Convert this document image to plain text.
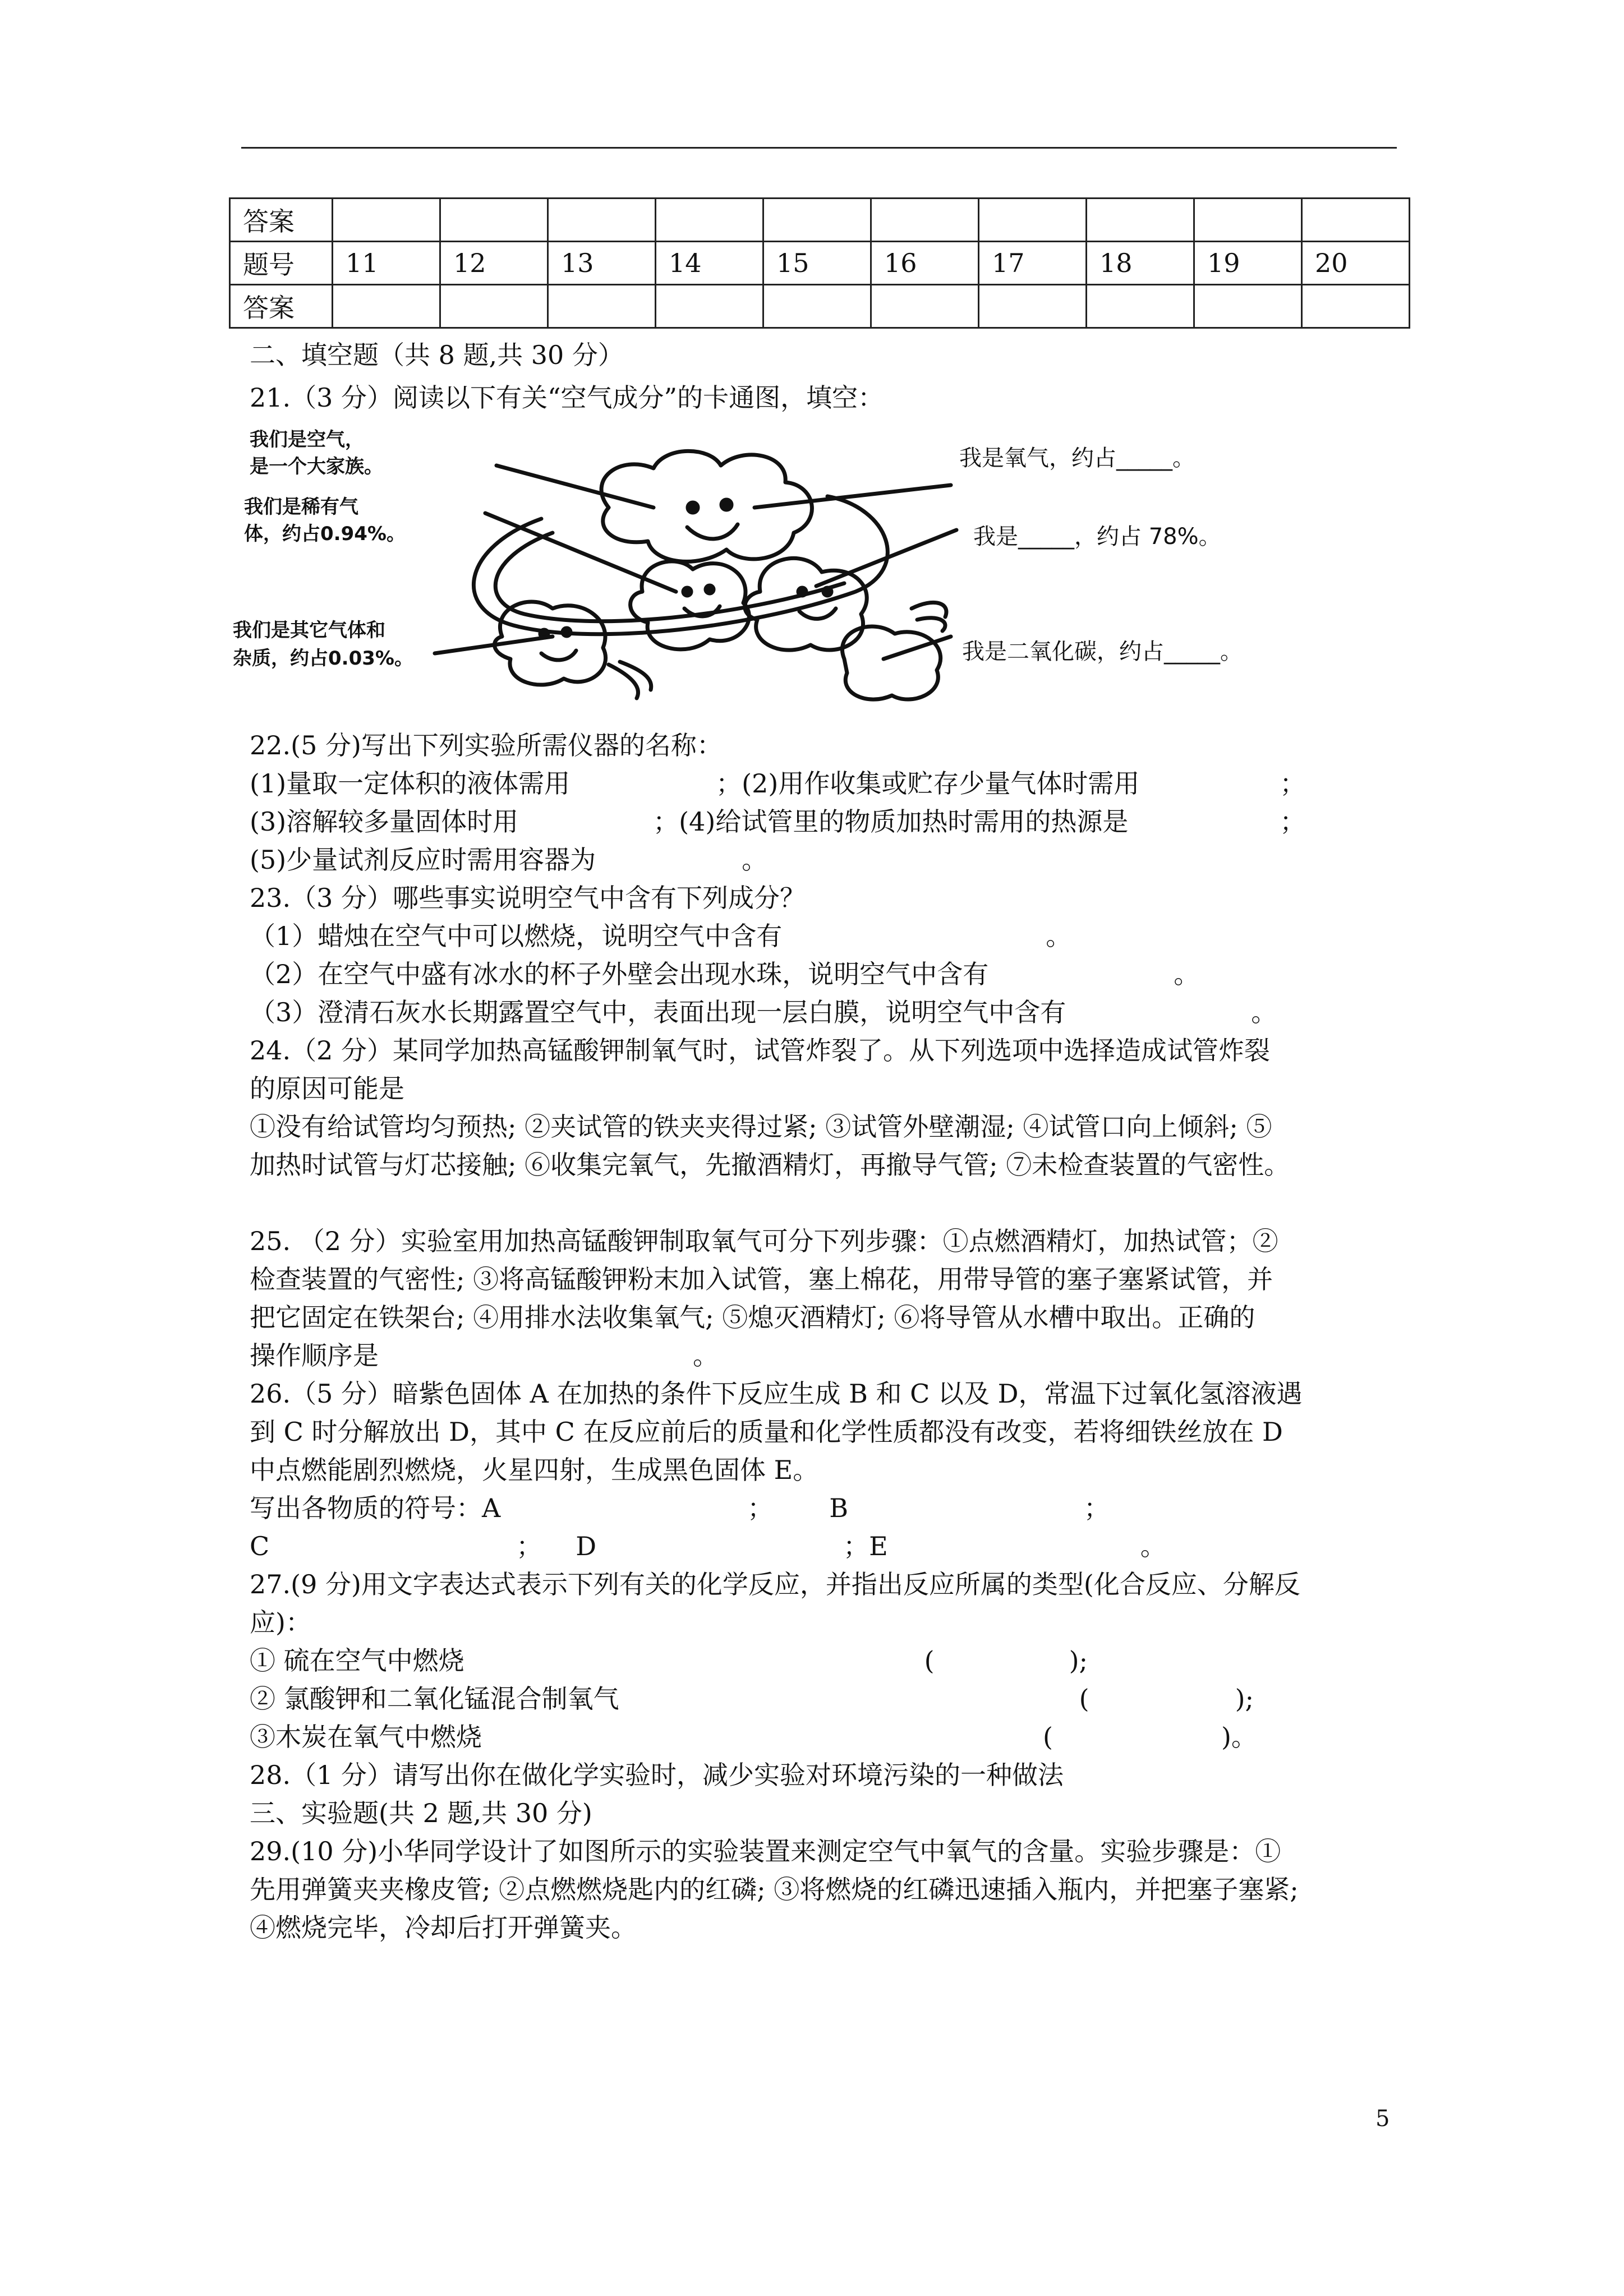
答案										
题号	11	12	13	14	15	16	17	18	19	20
答案										
二、填空题（共 8 题,共 30 分）
21.（3 分）阅读以下有关“空气成分”的卡通图，填空：
我们是空气，
是一个大家族。
我们是稀有气
体，约占0.94%。
我们是其它气体和
杂质，约占0.03%。
我是氧气，约占_____。
我是_____，约占 78%。
我是二氧化碳，约占_____。
22.(5 分)写出下列实验所需仪器的名称：
(1)量取一定体积的液体需用	；(2)用作收集或贮存少量气体时需用	；
(3)溶解较多量固体时用	；(4)给试管里的物质加热时需用的热源是	；
(5)少量试剂反应时需用容器为	。
23.（3 分）哪些事实说明空气中含有下列成分？
（1）蜡烛在空气中可以燃烧，说明空气中含有	。
（2）在空气中盛有冰水的杯子外壁会出现水珠，说明空气中含有	。
（3）澄清石灰水长期露置空气中，表面出现一层白膜，说明空气中含有	。
24.（2 分）某同学加热高锰酸钾制氧气时，试管炸裂了。从下列选项中选择造成试管炸裂
的原因可能是
①没有给试管均匀预热; ②夹试管的铁夹夹得过紧; ③试管外壁潮湿; ④试管口向上倾斜; ⑤
加热时试管与灯芯接触; ⑥收集完氧气，先撤酒精灯，再撤导气管; ⑦未检查装置的气密性。
25. （2 分）实验室用加热高锰酸钾制取氧气可分下列步骤：①点燃酒精灯，加热试管；②
检查装置的气密性; ③将高锰酸钾粉末加入试管，塞上棉花，用带导管的塞子塞紧试管，并
把它固定在铁架台; ④用排水法收集氧气; ⑤熄灭酒精灯; ⑥将导管从水槽中取出。正确的
操作顺序是	。
26.（5 分）暗紫色固体 A 在加热的条件下反应生成 B 和 C 以及 D，常温下过氧化氢溶液遇
到 C 时分解放出 D，其中 C 在反应前后的质量和化学性质都没有改变，若将细铁丝放在 D
中点燃能剧烈燃烧，火星四射，生成黑色固体 E。
写出各物质的符号：A	； B	；
C	； D	；E	。
27.(9 分)用文字表达式表示下列有关的化学反应，并指出反应所属的类型(化合反应、分解反
应)：
① 硫在空气中燃烧	(	);
② 氯酸钾和二氧化锰混合制氧气	(	);
③木炭在氧气中燃烧	(	)。
28.（1 分）请写出你在做化学实验时，减少实验对环境污染的一种做法
三、实验题(共 2 题,共 30 分)
29.(10 分)小华同学设计了如图所示的实验装置来测定空气中氧气的含量。实验步骤是：①
先用弹簧夹夹橡皮管; ②点燃燃烧匙内的红磷; ③将燃烧的红磷迅速插入瓶内，并把塞子塞紧;
④燃烧完毕，冷却后打开弹簧夹。
5
